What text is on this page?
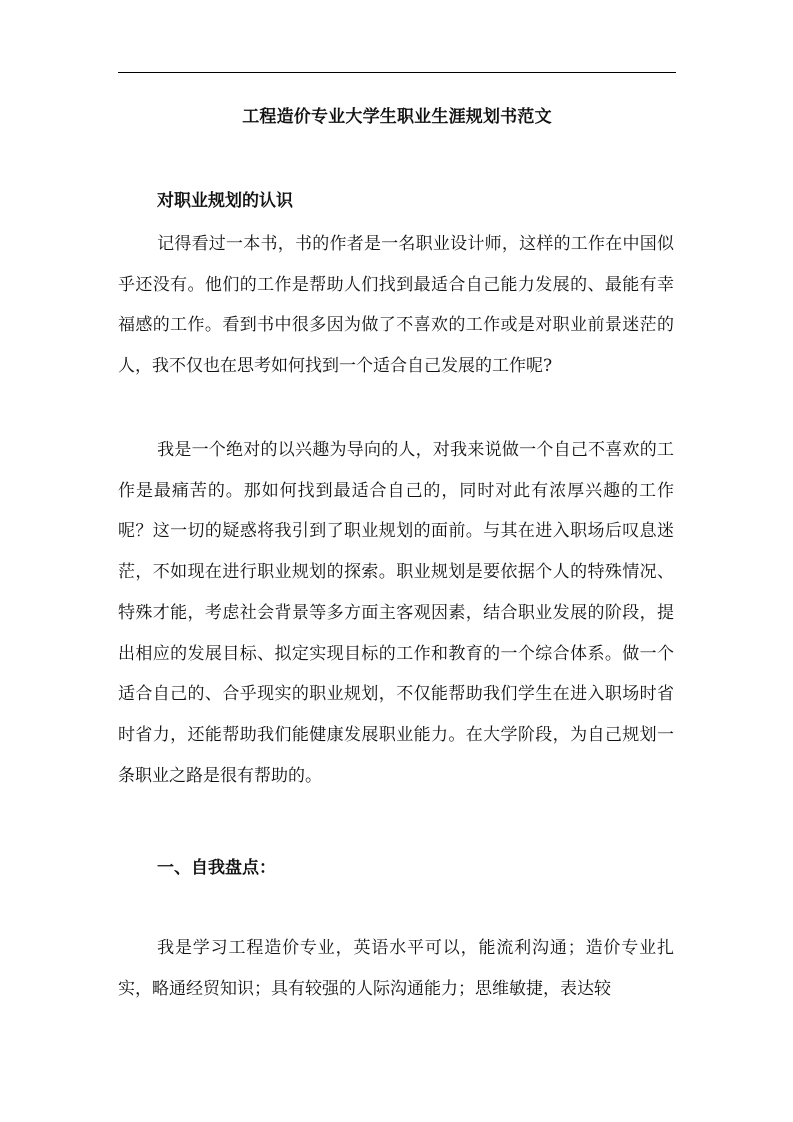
工程造价专业大学生职业生涯规划书范文
对职业规划的认识

记得看过一本书，书的作者是一名职业设计师，这样的工作在中国似乎还没有。他们的工作是帮助人们找到最适合自己能力发展的、最能有幸福感的工作。看到书中很多因为做了不喜欢的工作或是对职业前景迷茫的人，我不仅也在思考如何找到一个适合自己发展的工作呢?

我是一个绝对的以兴趣为导向的人，对我来说做一个自己不喜欢的工作是最痛苦的。那如何找到最适合自己的，同时对此有浓厚兴趣的工作呢？这一切的疑惑将我引到了职业规划的面前。与其在进入职场后叹息迷茫，不如现在进行职业规划的探索。职业规划是要依据个人的特殊情况、特殊才能，考虑社会背景等多方面主客观因素，结合职业发展的阶段，提出相应的发展目标、拟定实现目标的工作和教育的一个综合体系。做一个适合自己的、合乎现实的职业规划，不仅能帮助我们学生在进入职场时省时省力，还能帮助我们能健康发展职业能力。在大学阶段，为自己规划一条职业之路是很有帮助的。

一、自我盘点：

我是学习工程造价专业，英语水平可以，能流利沟通；造价专业扎实，略通经贸知识；具有较强的人际沟通能力；思维敏捷，表达较
